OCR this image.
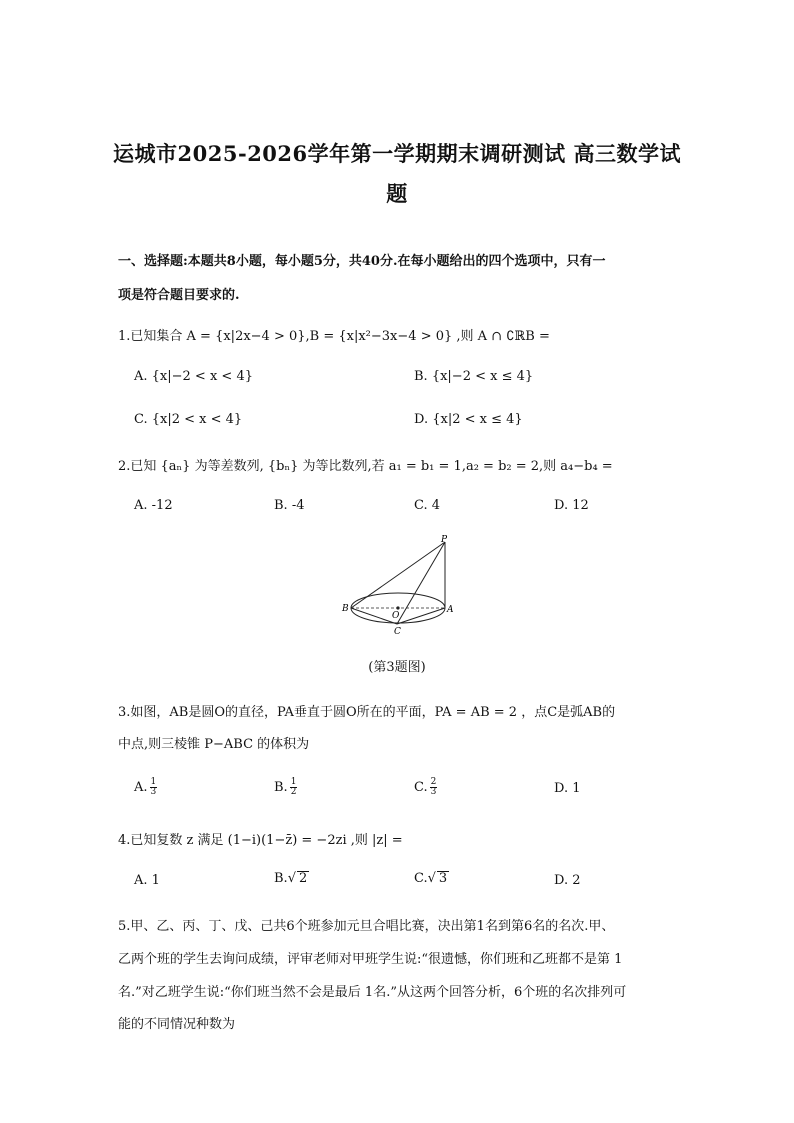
运城市2025-2026学年第一学期期末调研测试 高三数学试
题
一、选择题:本题共8小题，每小题5分，共40分.在每小题给出的四个选项中，只有一
项是符合题目要求的.
1.已知集合 A = {x|2x−4 > 0},B = {x|x²−3x−4 > 0} ,则 A ∩ ∁ℝB =
A. {x|−2 < x < 4}	B. {x|−2 < x ≤ 4}
C. {x|2 < x < 4}	D. {x|2 < x ≤ 4}
2.已知 {aₙ} 为等差数列, {bₙ} 为等比数列,若 a₁ = b₁ = 1,a₂ = b₂ = 2,则 a₄−b₄ =
A. -12	B. -4	C. 4	D. 12
P
B
O
A
C
(第3题图)
3.如图，AB是圆O的直径，PA垂直于圆O所在的平面，PA = AB = 2 ，点C是弧AB的
中点,则三棱锥 P−ABC 的体积为
A. $\frac{1}{3}$	B. $\frac{1}{2}$	C. $\frac{2}{3}$	D. 1
4.已知复数 z 满足 (1−i)(1−z̄) = −2zi ,则 |z| =
A. 1	B.√ 2	C.√ 3	D. 2
5.甲、乙、丙、丁、戊、己共6个班参加元旦合唱比赛，决出第1名到第6名的名次.甲、
乙两个班的学生去询问成绩，评审老师对甲班学生说:“很遗憾，你们班和乙班都不是第 1
名.”对乙班学生说:“你们班当然不会是最后 1名.”从这两个回答分析，6个班的名次排列可
能的不同情况种数为
